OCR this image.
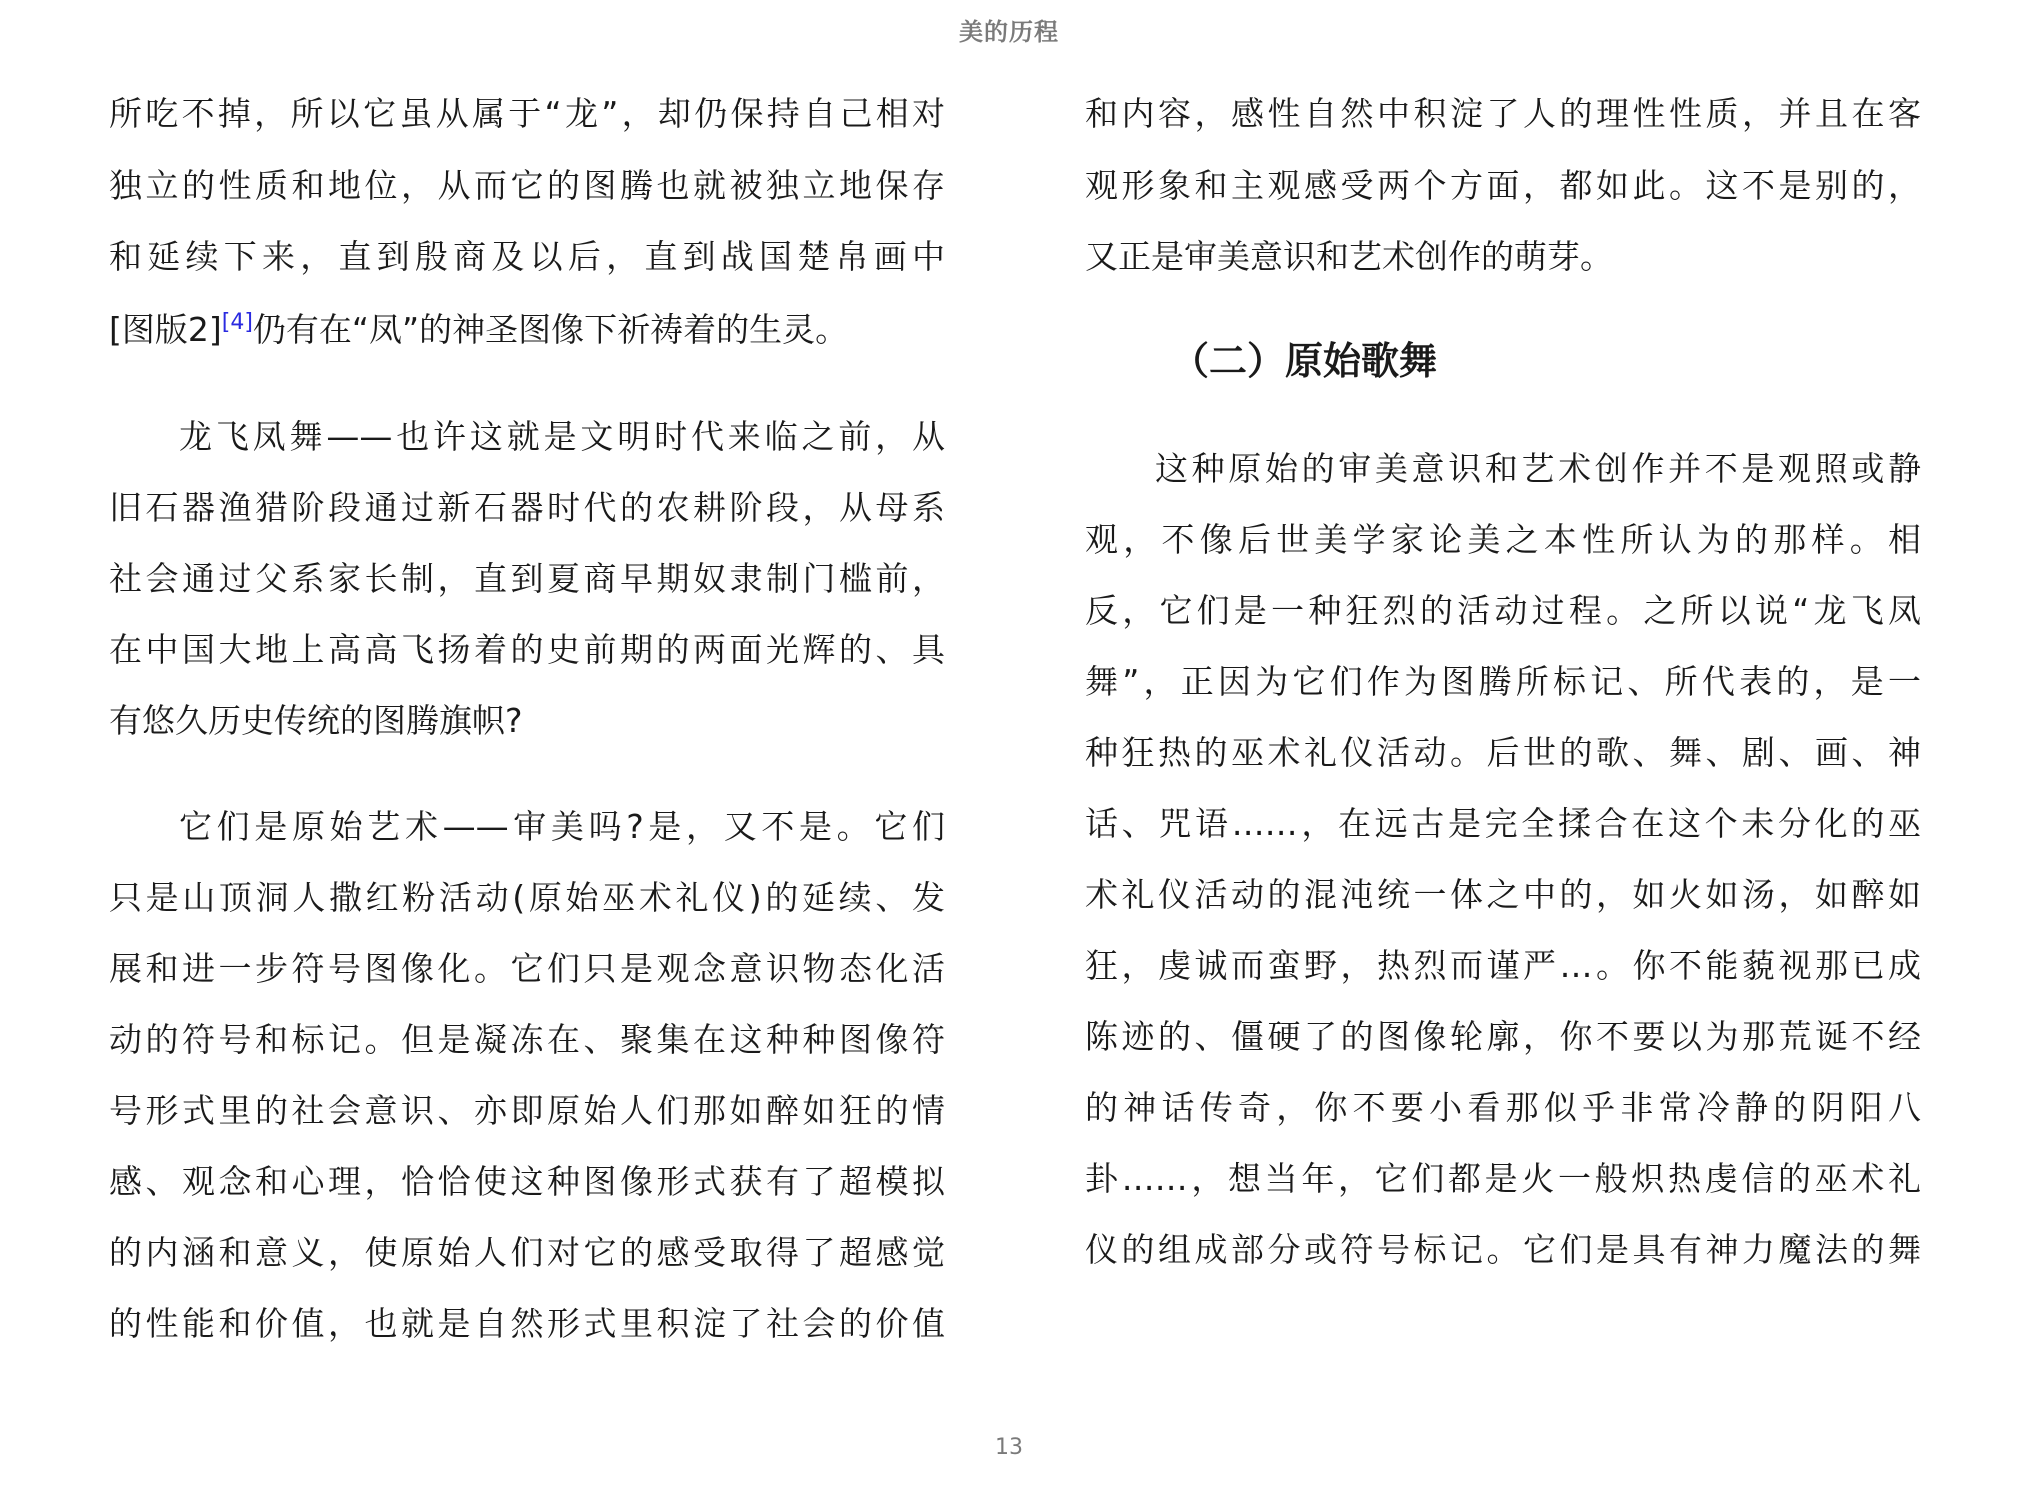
美的历程
所吃不掉，所以它虽从属于“龙”，却仍保持自己相对
独立的性质和地位，从而它的图腾也就被独立地保存
和延续下来，直到殷商及以后，直到战国楚帛画中
[图版2][4]仍有在“凤”的神圣图像下祈祷着的生灵。
龙飞凤舞——也许这就是文明时代来临之前，从
旧石器渔猎阶段通过新石器时代的农耕阶段，从母系
社会通过父系家长制，直到夏商早期奴隶制门槛前，
在中国大地上高高飞扬着的史前期的两面光辉的、具
有悠久历史传统的图腾旗帜?
它们是原始艺术——审美吗?是，又不是。它们
只是山顶洞人撒红粉活动(原始巫术礼仪)的延续、发
展和进一步符号图像化。它们只是观念意识物态化活
动的符号和标记。但是凝冻在、聚集在这种种图像符
号形式里的社会意识、亦即原始人们那如醉如狂的情
感、观念和心理，恰恰使这种图像形式获有了超模拟
的内涵和意义，使原始人们对它的感受取得了超感觉
的性能和价值，也就是自然形式里积淀了社会的价值
和内容，感性自然中积淀了人的理性性质，并且在客
观形象和主观感受两个方面，都如此。这不是别的，
又正是审美意识和艺术创作的萌芽。
（二）原始歌舞
这种原始的审美意识和艺术创作并不是观照或静
观，不像后世美学家论美之本性所认为的那样。相
反，它们是一种狂烈的活动过程。之所以说“龙飞凤
舞”，正因为它们作为图腾所标记、所代表的，是一
种狂热的巫术礼仪活动。后世的歌、舞、剧、画、神
话、咒语……，在远古是完全揉合在这个未分化的巫
术礼仪活动的混沌统一体之中的，如火如汤，如醉如
狂，虔诚而蛮野，热烈而谨严…。你不能藐视那已成
陈迹的、僵硬了的图像轮廓，你不要以为那荒诞不经
的神话传奇，你不要小看那似乎非常冷静的阴阳八
卦……，想当年，它们都是火一般炽热虔信的巫术礼
仪的组成部分或符号标记。它们是具有神力魔法的舞
13
